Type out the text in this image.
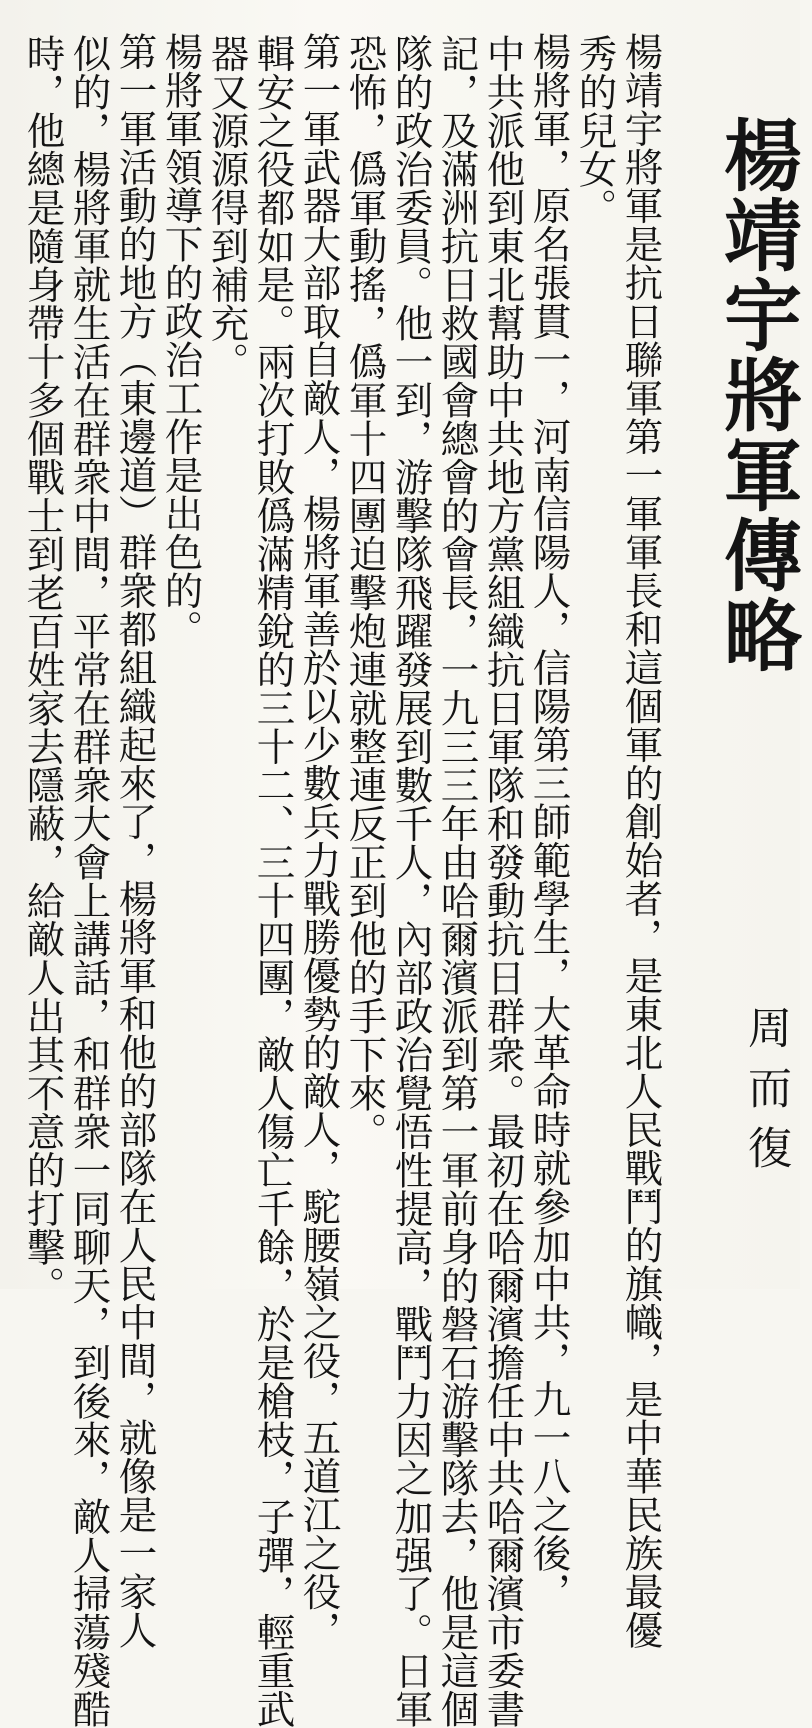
楊靖宇將軍傳略
周而復
楊靖宇將軍是抗日聯軍第一軍軍長和這個軍的創始者，是東北人民戰鬥的旗幟，是中華民族最優
秀的兒女。
楊將軍，原名張貫一，河南信陽人，信陽第三師範學生，大革命時就參加中共，九一八之後，
中共派他到東北幫助中共地方黨組織抗日軍隊和發動抗日群衆。最初在哈爾濱擔任中共哈爾濱市委書
記，及滿洲抗日救國會總會的會長，一九三三年由哈爾濱派到第一軍前身的磐石游擊隊去，他是這個
隊的政治委員。他一到，游擊隊飛躍發展到數千人，內部政治覺悟性提高，戰鬥力因之加强了。日軍
恐怖，僞軍動搖，僞軍十四團迫擊炮連就整連反正到他的手下來。
第一軍武器大部取自敵人，楊將軍善於以少數兵力戰勝優勢的敵人，駝腰嶺之役，五道江之役，
輯安之役都如是。兩次打敗僞滿精銳的三十二、三十四團，敵人傷亡千餘，於是槍枝，子彈，輕重武
器又源源得到補充。
楊將軍領導下的政治工作是出色的。
第一軍活動的地方（東邊道）群衆都組織起來了，楊將軍和他的部隊在人民中間，就像是一家人
似的，楊將軍就生活在群衆中間，平常在群衆大會上講話，和群衆一同聊天，到後來，敵人掃蕩殘酷
時，他總是隨身帶十多個戰士到老百姓家去隱蔽，給敵人出其不意的打擊。
